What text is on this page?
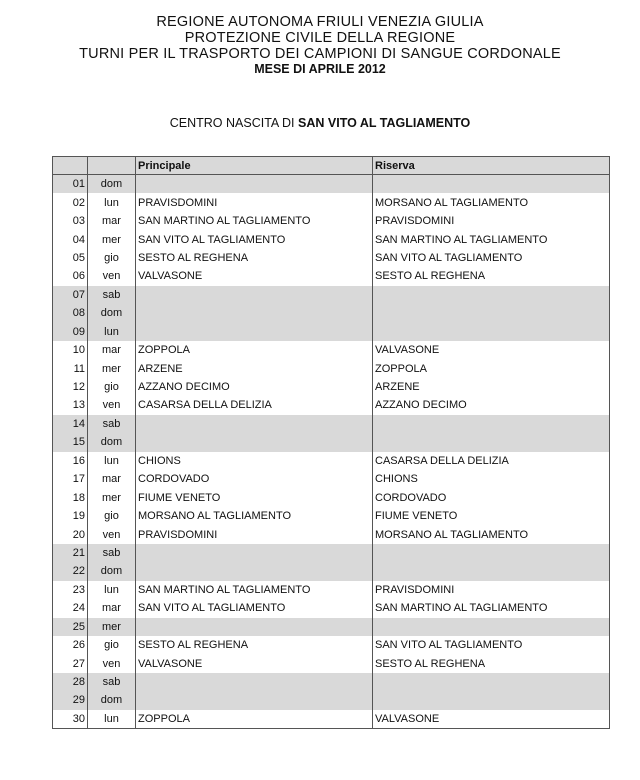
REGIONE AUTONOMA FRIULI VENEZIA GIULIA
PROTEZIONE CIVILE DELLA REGIONE
TURNI PER IL TRASPORTO DEI CAMPIONI DI SANGUE CORDONALE
MESE DI APRILE 2012
CENTRO NASCITA DI SAN VITO AL TAGLIAMENTO
		Principale	Riserva
01	dom		
02	lun	PRAVISDOMINI	MORSANO AL TAGLIAMENTO
03	mar	SAN MARTINO AL TAGLIAMENTO	PRAVISDOMINI
04	mer	SAN VITO AL TAGLIAMENTO	SAN MARTINO AL TAGLIAMENTO
05	gio	SESTO AL REGHENA	SAN VITO AL TAGLIAMENTO
06	ven	VALVASONE	SESTO AL REGHENA
07	sab		
08	dom		
09	lun		
10	mar	ZOPPOLA	VALVASONE
11	mer	ARZENE	ZOPPOLA
12	gio	AZZANO DECIMO	ARZENE
13	ven	CASARSA DELLA DELIZIA	AZZANO DECIMO
14	sab		
15	dom		
16	lun	CHIONS	CASARSA DELLA DELIZIA
17	mar	CORDOVADO	CHIONS
18	mer	FIUME VENETO	CORDOVADO
19	gio	MORSANO AL TAGLIAMENTO	FIUME VENETO
20	ven	PRAVISDOMINI	MORSANO AL TAGLIAMENTO
21	sab		
22	dom		
23	lun	SAN MARTINO AL TAGLIAMENTO	PRAVISDOMINI
24	mar	SAN VITO AL TAGLIAMENTO	SAN MARTINO AL TAGLIAMENTO
25	mer		
26	gio	SESTO AL REGHENA	SAN VITO AL TAGLIAMENTO
27	ven	VALVASONE	SESTO AL REGHENA
28	sab		
29	dom		
30	lun	ZOPPOLA	VALVASONE
